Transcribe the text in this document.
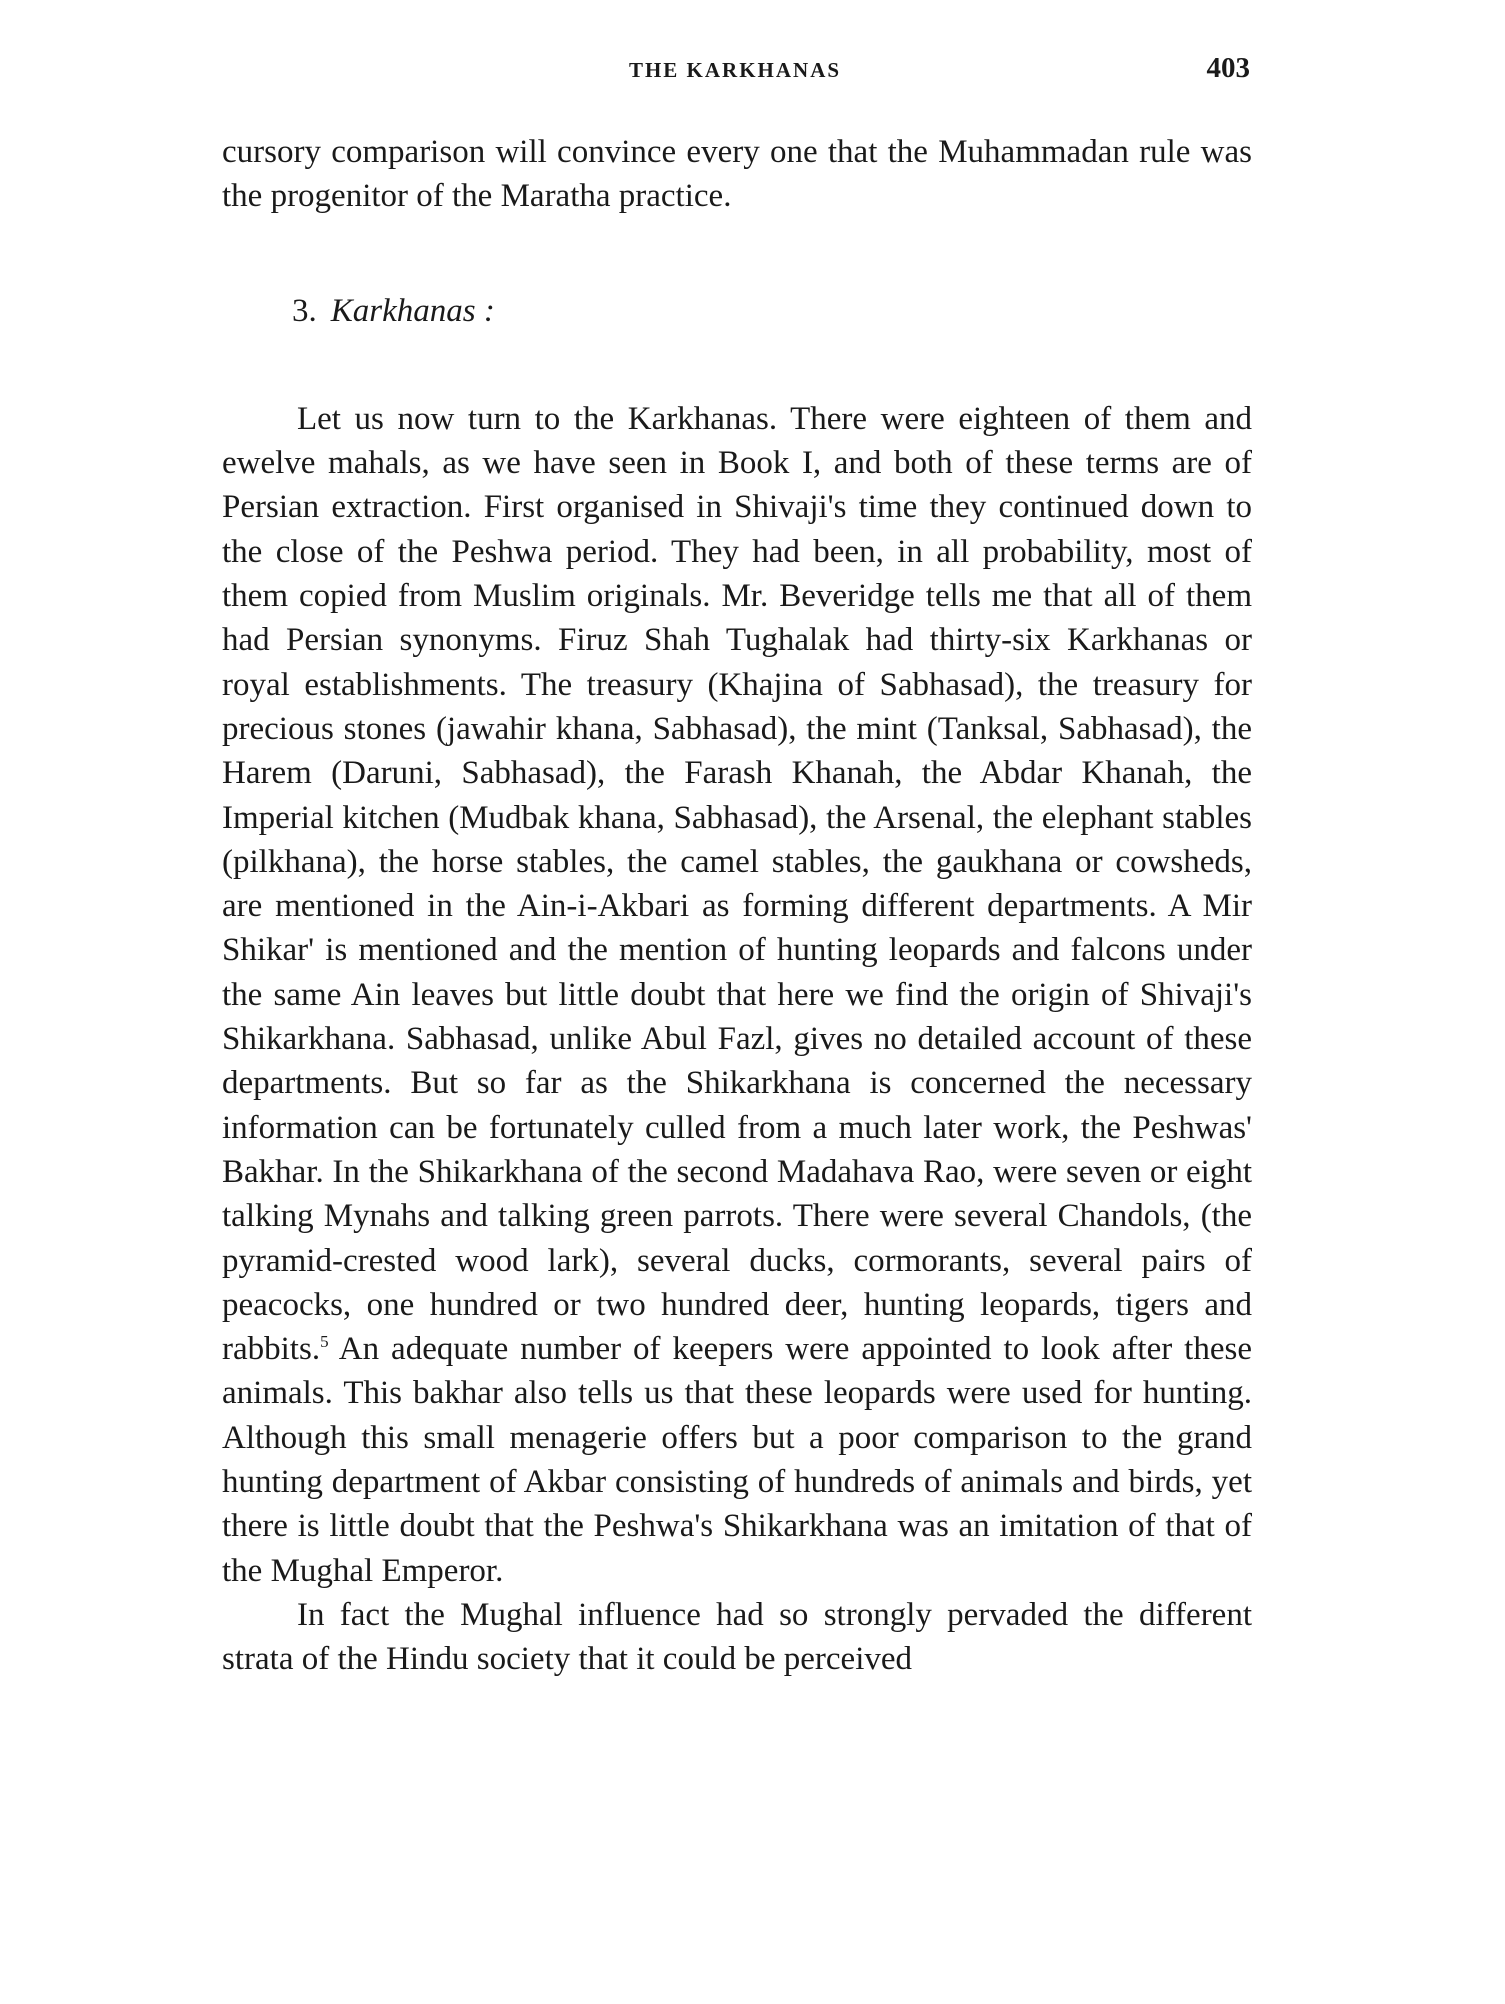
THE KARKHANAS	403

cursory comparison will convince every one that the Muhammadan rule was the progenitor of the Maratha practice.

3. Karkhanas :

Let us now turn to the Karkhanas. There were eighteen of them and ewelve mahals, as we have seen in Book I, and both of these terms are of Persian extraction. First organised in Shivaji's time they continued down to the close of the Peshwa period. They had been, in all probability, most of them copied from Muslim originals. Mr. Beveridge tells me that all of them had Persian synonyms. Firuz Shah Tughalak had thirty-six Karkhanas or royal establishments. The treasury (Khajina of Sabhasad), the treasury for precious stones (jawahir khana, Sabhasad), the mint (Tanksal, Sabhasad), the Harem (Daruni, Sabhasad), the Farash Khanah, the Abdar Khanah, the Imperial kitchen (Mudbak khana, Sabhasad), the Arsenal, the elephant stables (pilkhana), the horse stables, the camel stables, the gaukhana or cowsheds, are mentioned in the Ain-i-Akbari as forming different departments. A Mir Shikar' is mentioned and the mention of hunting leopards and falcons under the same Ain leaves but little doubt that here we find the origin of Shivaji's Shikarkhana. Sabhasad, unlike Abul Fazl, gives no detailed account of these departments. But so far as the Shikarkhana is concerned the necessary information can be fortunately culled from a much later work, the Peshwas' Bakhar. In the Shikarkhana of the second Madahava Rao, were seven or eight talking Mynahs and talking green parrots. There were several Chandols, (the pyramid-crested wood lark), several ducks, cormorants, several pairs of peacocks, one hundred or two hundred deer, hunting leopards, tigers and rabbits.$^5$ An adequate number of keepers were appointed to look after these animals. This bakhar also tells us that these leopards were used for hunting. Although this small menagerie offers but a poor comparison to the grand hunting department of Akbar consisting of hundreds of animals and birds, yet there is little doubt that the Peshwa's Shikarkhana was an imitation of that of the Mughal Emperor.

In fact the Mughal influence had so strongly pervaded the different strata of the Hindu society that it could be perceived
